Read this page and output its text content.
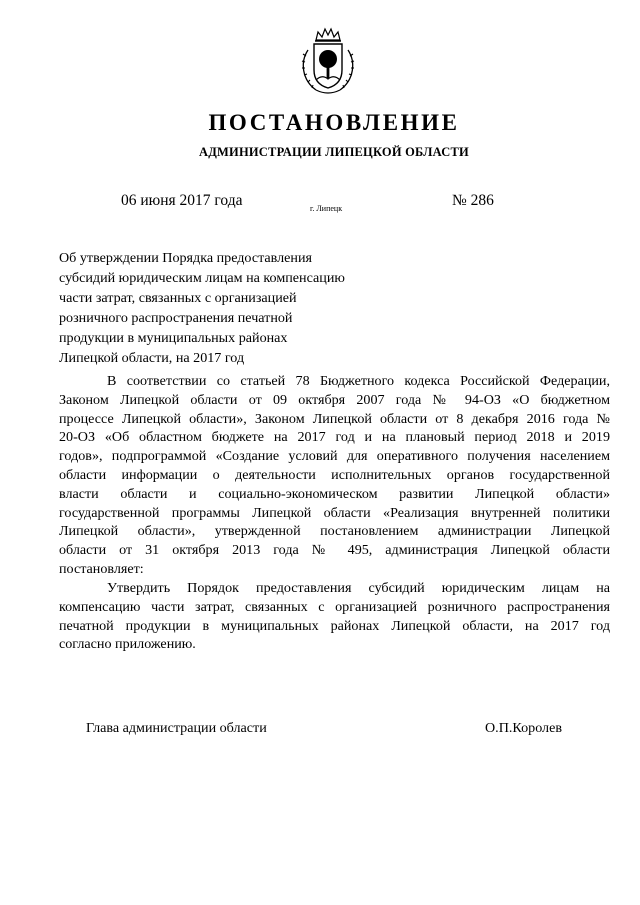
ПОСТАНОВЛЕНИЕ
АДМИНИСТРАЦИИ ЛИПЕЦКОЙ ОБЛАСТИ
06 июня 2017 года	г. Липецк	№ 286
Об утверждении Порядка предоставления
субсидий юридическим лицам на компенсацию
части затрат, связанных с организацией
розничного распространения печатной
продукции в муниципальных районах
Липецкой области, на 2017 год
В соответствии со статьей 78 Бюджетного кодекса Российской Федерации,
Законом Липецкой области от 09 октября 2007 года № 94-ОЗ «О бюджетном
процессе Липецкой области», Законом Липецкой области от 8 декабря 2016 года №
20-ОЗ «Об областном бюджете на 2017 год и на плановый период 2018 и 2019
годов», подпрограммой «Создание условий для оперативного получения населением
области информации о деятельности исполнительных органов государственной
власти области и социально-экономическом развитии Липецкой области»
государственной программы Липецкой области «Реализация внутренней политики
Липецкой области», утвержденной постановлением администрации Липецкой
области от 31 октября 2013 года № 495, администрация Липецкой области
постановляет:
Утвердить Порядок предоставления субсидий юридическим лицам на
компенсацию части затрат, связанных с организацией розничного распространения
печатной продукции в муниципальных районах Липецкой области, на 2017 год
согласно приложению.
Глава администрации области	О.П.Королев
